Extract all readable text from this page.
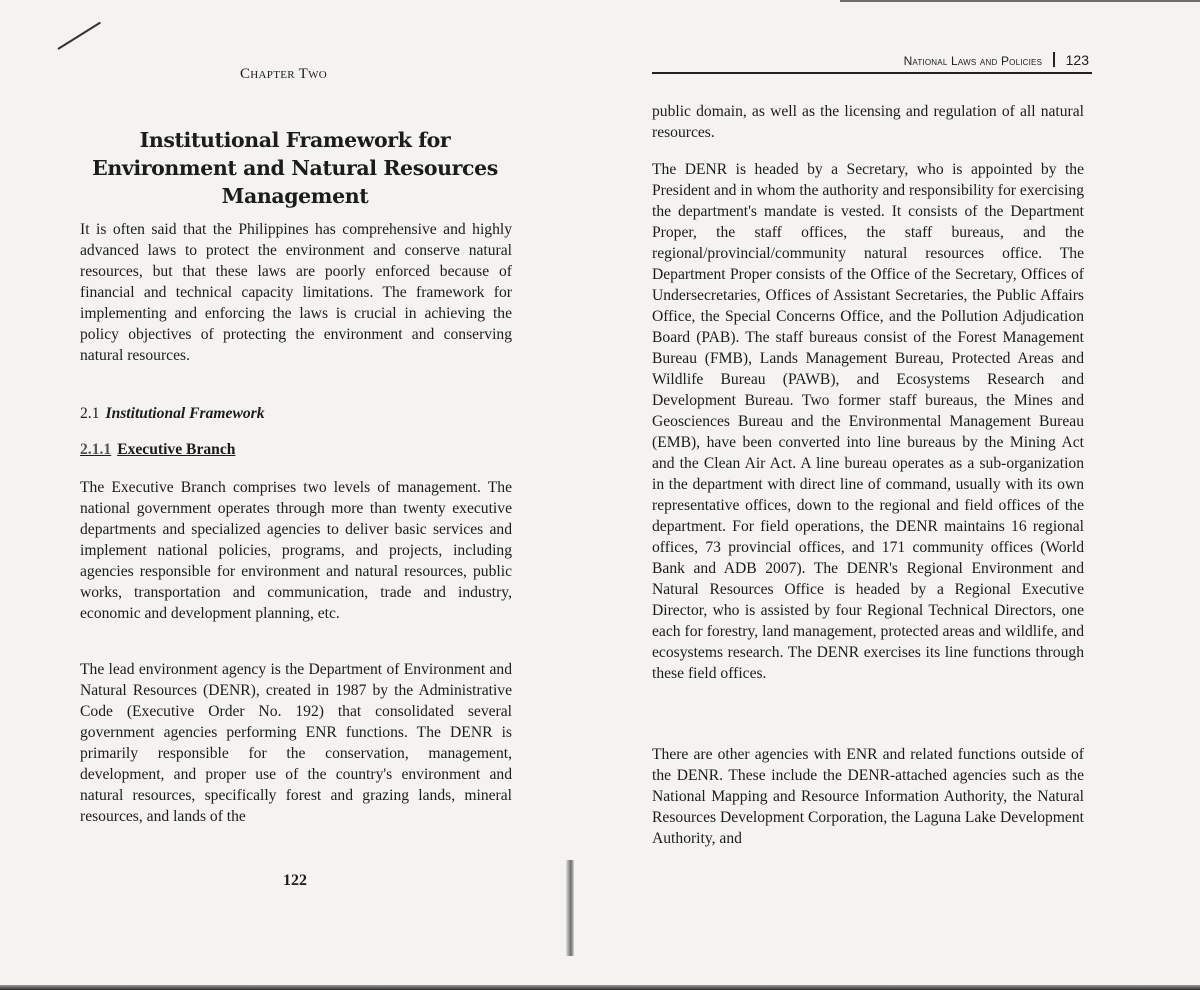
Chapter Two
Institutional Framework for Environment and Natural Resources Management

It is often said that the Philippines has comprehensive and highly advanced laws to protect the environment and conserve natural resources, but that these laws are poorly enforced because of financial and technical capacity limitations. The framework for implementing and enforcing the laws is crucial in achieving the policy objectives of protecting the environment and conserving natural resources.

2.1 Institutional Framework
2.1.1 Executive Branch

The Executive Branch comprises two levels of management. The national government operates through more than twenty executive departments and specialized agencies to deliver basic services and implement national policies, programs, and projects, including agencies responsible for environment and natural resources, public works, transportation and communication, trade and industry, economic and development planning, etc.

The lead environment agency is the Department of Environment and Natural Resources (DENR), created in 1987 by the Administrative Code (Executive Order No. 192) that consolidated several government agencies performing ENR functions. The DENR is primarily responsible for the conservation, management, development, and proper use of the country's environment and natural resources, specifically forest and grazing lands, mineral resources, and lands of the

122
National Laws and Policies 123

public domain, as well as the licensing and regulation of all natural resources.

The DENR is headed by a Secretary, who is appointed by the President and in whom the authority and responsibility for exercising the department's mandate is vested. It consists of the Department Proper, the staff offices, the staff bureaus, and the regional/provincial/community natural resources office. The Department Proper consists of the Office of the Secretary, Offices of Undersecretaries, Offices of Assistant Secretaries, the Public Affairs Office, the Special Concerns Office, and the Pollution Adjudication Board (PAB). The staff bureaus consist of the Forest Management Bureau (FMB), Lands Management Bureau, Protected Areas and Wildlife Bureau (PAWB), and Ecosystems Research and Development Bureau. Two former staff bureaus, the Mines and Geosciences Bureau and the Environmental Management Bureau (EMB), have been converted into line bureaus by the Mining Act and the Clean Air Act. A line bureau operates as a sub-organization in the department with direct line of command, usually with its own representative offices, down to the regional and field offices of the department. For field operations, the DENR maintains 16 regional offices, 73 provincial offices, and 171 community offices (World Bank and ADB 2007). The DENR's Regional Environment and Natural Resources Office is headed by a Regional Executive Director, who is assisted by four Regional Technical Directors, one each for forestry, land management, protected areas and wildlife, and ecosystems research. The DENR exercises its line functions through these field offices.

There are other agencies with ENR and related functions outside of the DENR. These include the DENR-attached agencies such as the National Mapping and Resource Information Authority, the Natural Resources Development Corporation, the Laguna Lake Development Authority, and
